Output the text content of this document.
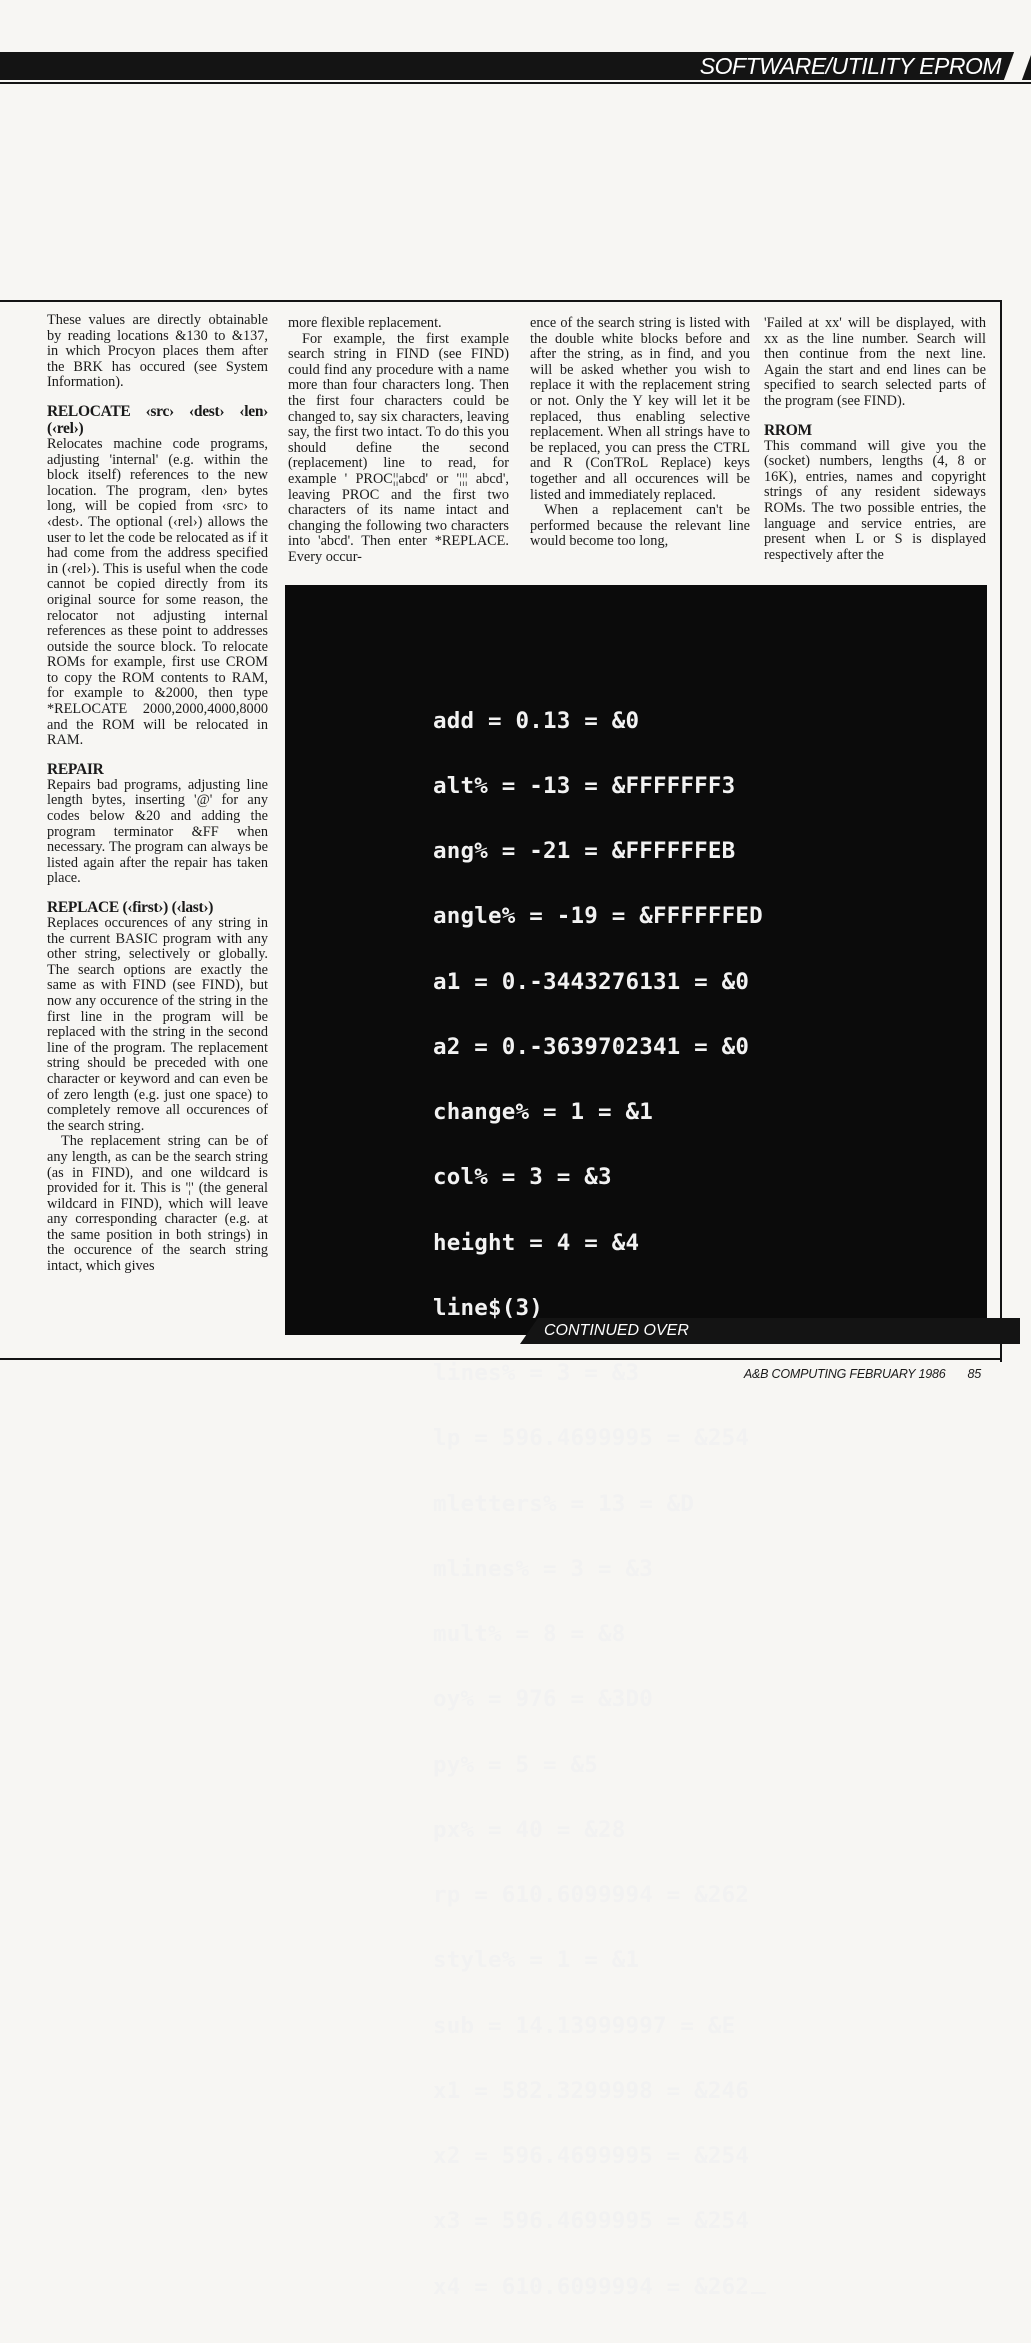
SOFTWARE/UTILITY EPROM

These values are directly obtainable by reading locations &130 to &137, in which Procyon places them after the BRK has occured (see System Information).

RELOCATE ‹src› ‹dest› ‹len› (‹rel›)

Relocates machine code programs, adjusting 'internal' (e.g. within the block itself) references to the new location. The program, ‹len› bytes long, will be copied from ‹src› to ‹dest›. The optional (‹rel›) allows the user to let the code be relocated as if it had come from the address specified in (‹rel›). This is useful when the code cannot be copied directly from its original source for some reason, the relocator not adjusting internal references as these point to addresses outside the source block. To relocate ROMs for example, first use CROM to copy the ROM contents to RAM, for example to &2000, then type *RELOCATE 2000,2000,4000,8000 and the ROM will be relocated in RAM.

REPAIR

Repairs bad programs, adjusting line length bytes, inserting '@' for any codes below &20 and adding the program terminator &FF when necessary. The program can always be listed again after the repair has taken place.

REPLACE (‹first›) (‹last›)

Replaces occurences of any string in the current BASIC program with any other string, selectively or globally. The search options are exactly the same as with FIND (see FIND), but now any occurence of the string in the first line in the program will be replaced with the string in the second line of the program. The replacement string should be preceded with one character or keyword and can even be of zero length (e.g. just one space) to completely remove all occurences of the search string.

The replacement string can be of any length, as can be the search string (as in FIND), and one wildcard is provided for it. This is '¦' (the general wildcard in FIND), which will leave any corresponding character (e.g. at the same position in both strings) in the occurence of the search string intact, which gives

more flexible replacement.

For example, the first example search string in FIND (see FIND) could find any procedure with a name more than four characters long. Then the first four characters could be changed to, say six characters, leaving say, the first two intact. To do this you should define the second (replacement) line to read, for example ' PROC¦¦abcd' or '¦¦¦ abcd', leaving PROC and the first two characters of its name intact and changing the following two characters into 'abcd'. Then enter *REPLACE. Every occur-

ence of the search string is listed with the double white blocks before and after the string, as in find, and you will be asked whether you wish to replace it with the replacement string or not. Only the Y key will let it be replaced, thus enabling selective replacement. When all strings have to be replaced, you can press the CTRL and R (ConTRoL Replace) keys together and all occurences will be listed and immediately replaced.

When a replacement can't be performed because the relevant line would become too long,

'Failed at xx' will be displayed, with xx as the line number. Search will then continue from the next line. Again the start and end lines can be specified to search selected parts of the program (see FIND).

RROM

This command will give you the (socket) numbers, lengths (4, 8 or 16K), entries, names and copyright strings of any resident sideways ROMs. The two possible entries, the language and service entries, are present when L or S is displayed respectively after the

add = 0.13 = &0

alt% = -13 = &FFFFFFF3

ang% = -21 = &FFFFFFEB

angle% = -19 = &FFFFFFED

a1 = 0.-3443276131 = &0

a2 = 0.-3639702341 = &0

change% = 1 = &1

col% = 3 = &3

height = 4 = &4

line$(3)

lines% = 3 = &3

lp = 596.4699995 = &254

mletters% = 13 = &D

mlines% = 3 = &3

mult% = 8 = &8

oy% = 976 = &3D0

py% = 5 = &5

px% = 40 = &28

rp = 610.6099994 = &262

style% = 1 = &1

sub = 14.13999997 = &E

x1 = 582.3299998 = &246

x2 = 596.4699995 = &254

x3 = 596.4699995 = &254

x4 = 610.6099994 = &262

CONTINUED OVER
A&B COMPUTING FEBRUARY 1986 85
